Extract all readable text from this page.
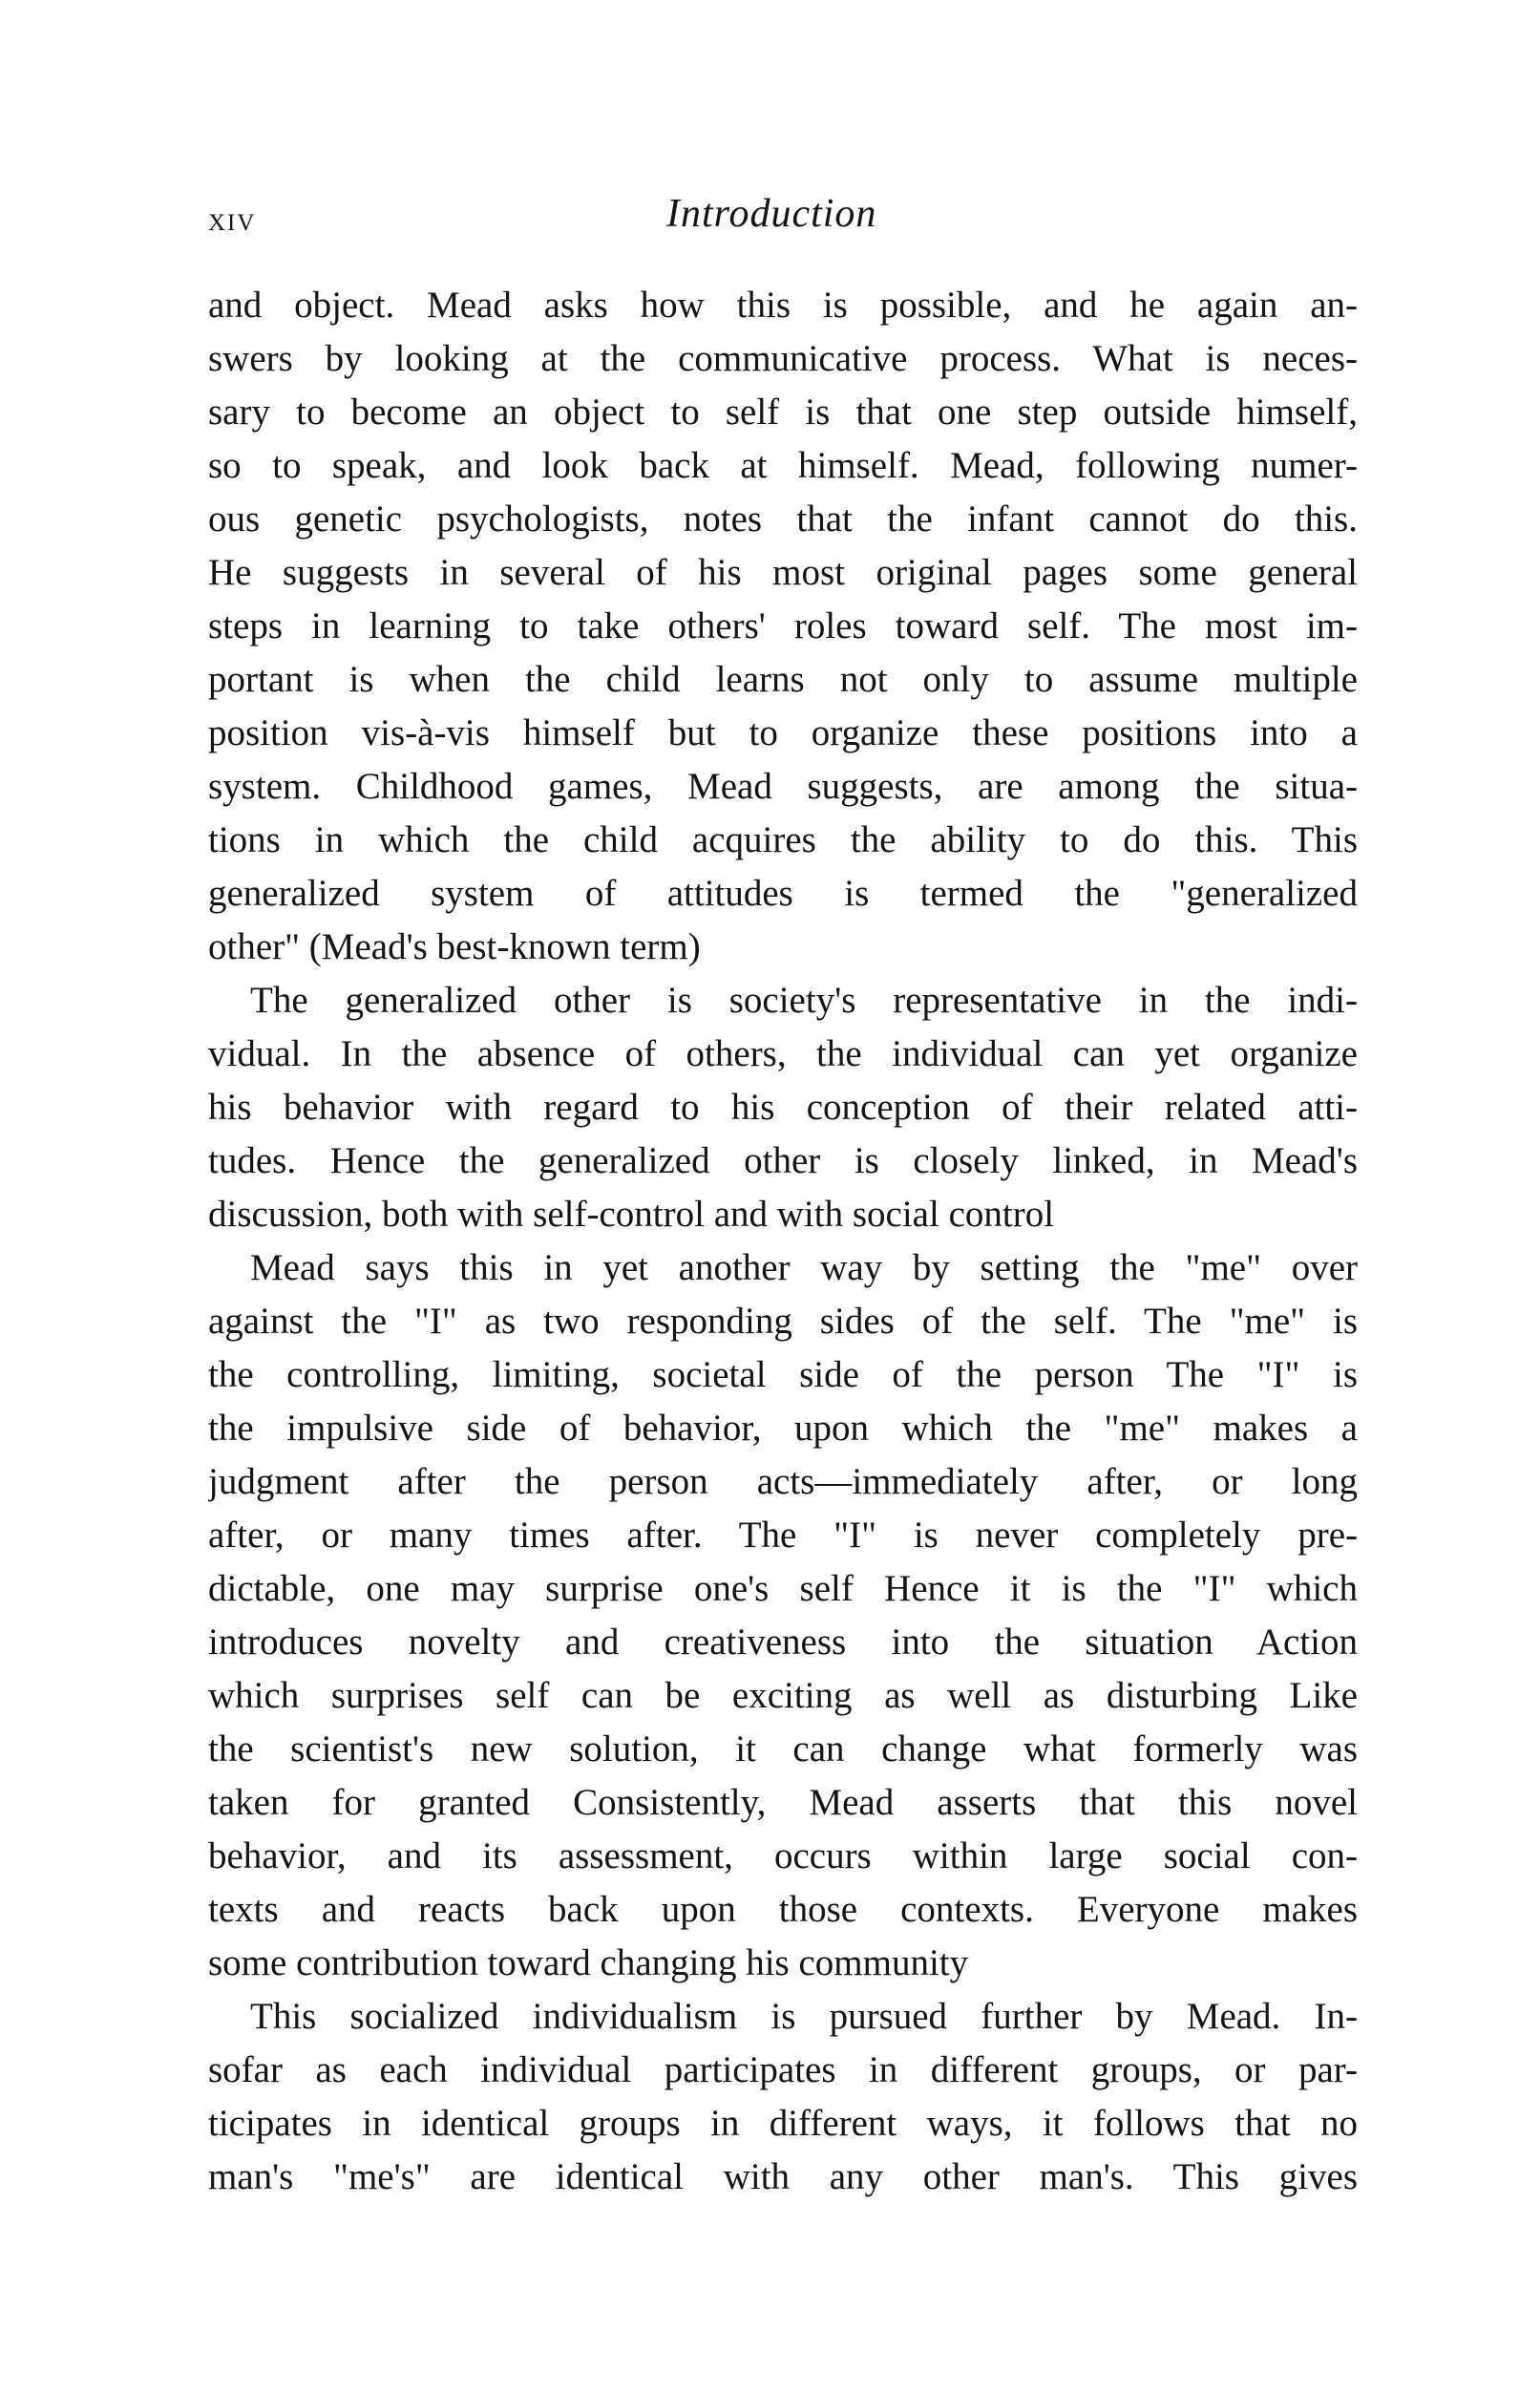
xiv	Introduction
and object. Mead asks how this is possible, and he again an-
swers by looking at the communicative process. What is neces-
sary to become an object to self is that one step outside himself,
so to speak, and look back at himself. Mead, following numer-
ous genetic psychologists, notes that the infant cannot do this.
He suggests in several of his most original pages some general
steps in learning to take others' roles toward self. The most im-
portant is when the child learns not only to assume multiple
position vis-à-vis himself but to organize these positions into a
system. Childhood games, Mead suggests, are among the situa-
tions in which the child acquires the ability to do this. This
generalized system of attitudes is termed the "generalized
other" (Mead's best-known term)
The generalized other is society's representative in the indi-
vidual. In the absence of others, the individual can yet organize
his behavior with regard to his conception of their related atti-
tudes. Hence the generalized other is closely linked, in Mead's
discussion, both with self-control and with social control
Mead says this in yet another way by setting the "me" over
against the "I" as two responding sides of the self. The "me" is
the controlling, limiting, societal side of the person The "I" is
the impulsive side of behavior, upon which the "me" makes a
judgment after the person acts—immediately after, or long
after, or many times after. The "I" is never completely pre-
dictable, one may surprise one's self Hence it is the "I" which
introduces novelty and creativeness into the situation Action
which surprises self can be exciting as well as disturbing Like
the scientist's new solution, it can change what formerly was
taken for granted Consistently, Mead asserts that this novel
behavior, and its assessment, occurs within large social con-
texts and reacts back upon those contexts. Everyone makes
some contribution toward changing his community
This socialized individualism is pursued further by Mead. In-
sofar as each individual participates in different groups, or par-
ticipates in identical groups in different ways, it follows that no
man's "me's" are identical with any other man's. This gives
